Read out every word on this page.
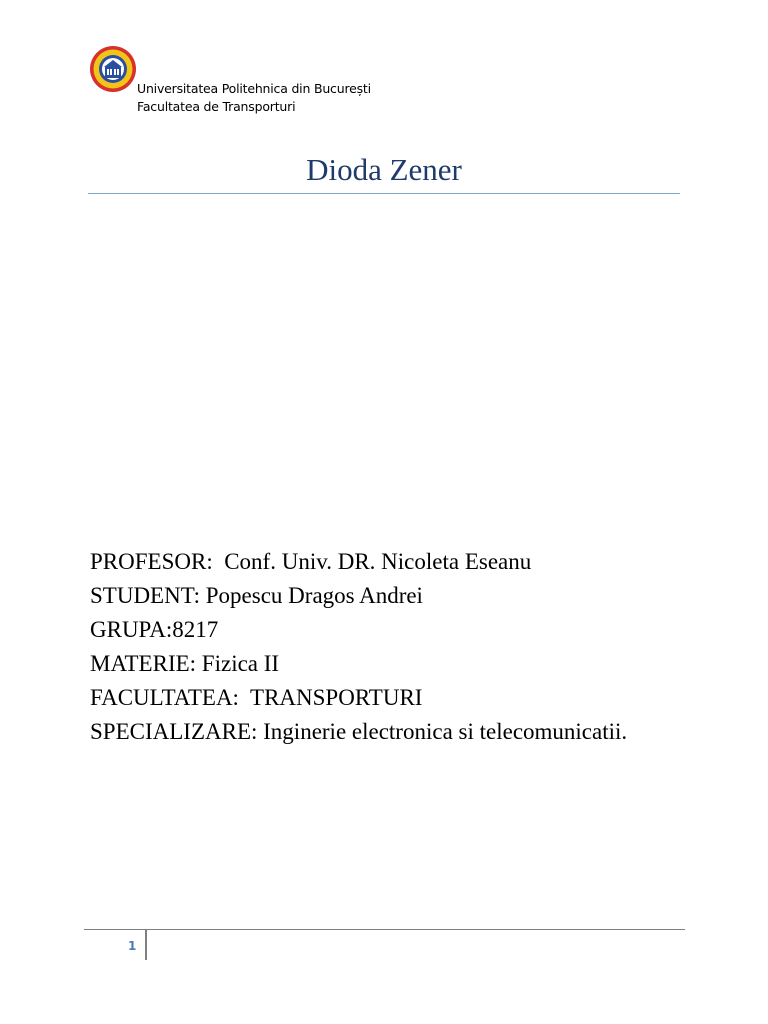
Universitatea Politehnica din București
Facultatea de Transporturi
Dioda Zener
PROFESOR:  Conf. Univ. DR. Nicoleta Eseanu
STUDENT: Popescu Dragos Andrei
GRUPA:8217
MATERIE: Fizica II
FACULTATEA:  TRANSPORTURI
SPECIALIZARE: Inginerie electronica si telecomunicatii.
1
